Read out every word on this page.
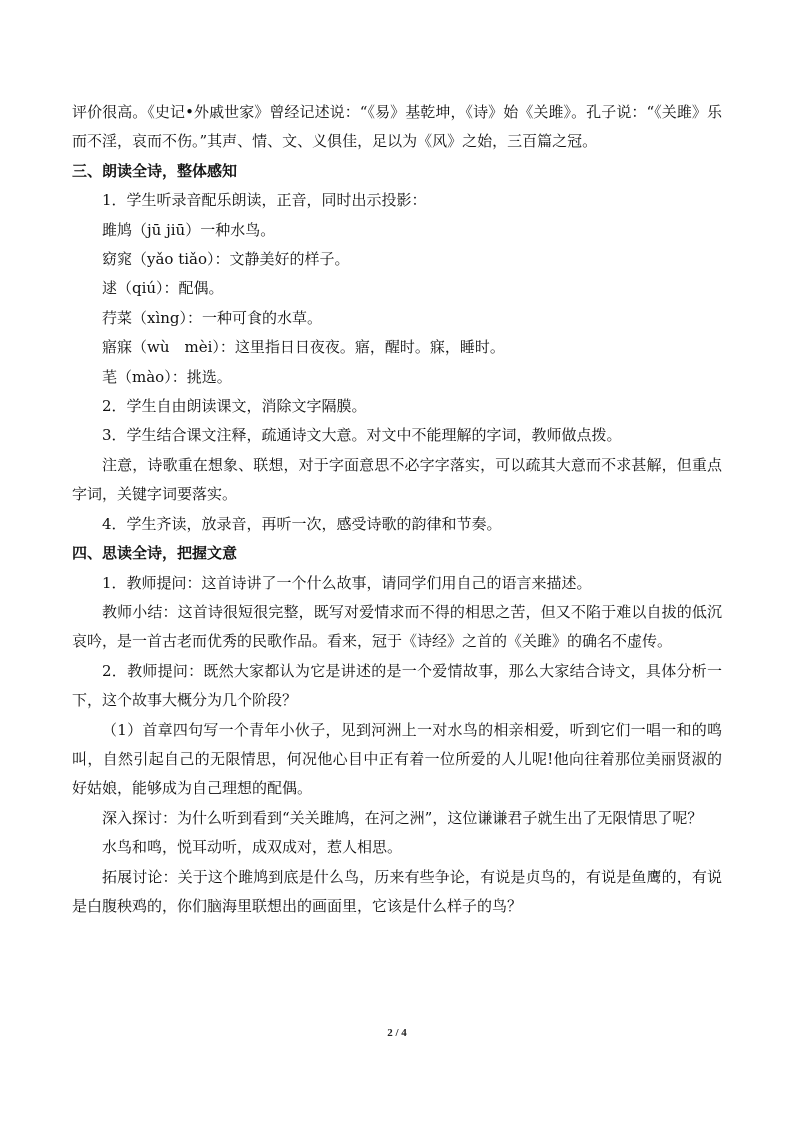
评价很高。《史记•外戚世家》曾经记述说：“《易》基乾坤，《诗》始《关雎》。孔子说：“《关雎》乐而不淫，哀而不伤。”其声、情、文、义俱佳，足以为《风》之始，三百篇之冠。

三、朗读全诗，整体感知

1．学生听录音配乐朗读，正音，同时出示投影：

雎鸠（jū jiū）一种水鸟。

窈窕（yǎo tiǎo）：文静美好的样子。

逑（qiú）：配偶。

荇菜（xìng）：一种可食的水草。

寤寐（wù　mèi）：这里指日日夜夜。寤，醒时。寐，睡时。

芼（mào）：挑选。

2．学生自由朗读课文，消除文字隔膜。

3．学生结合课文注释，疏通诗文大意。对文中不能理解的字词，教师做点拨。

注意，诗歌重在想象、联想，对于字面意思不必字字落实，可以疏其大意而不求甚解，但重点字词，关键字词要落实。

4．学生齐读，放录音，再听一次，感受诗歌的韵律和节奏。

四、思读全诗，把握文意

1．教师提问：这首诗讲了一个什么故事，请同学们用自己的语言来描述。

教师小结：这首诗很短很完整，既写对爱情求而不得的相思之苦，但又不陷于难以自拔的低沉哀吟，是一首古老而优秀的民歌作品。看来，冠于《诗经》之首的《关雎》的确名不虚传。

2．教师提问：既然大家都认为它是讲述的是一个爱情故事，那么大家结合诗文，具体分析一下，这个故事大概分为几个阶段？

（1）首章四句写一个青年小伙子，见到河洲上一对水鸟的相亲相爱，听到它们一唱一和的鸣叫，自然引起自己的无限情思，何况他心目中正有着一位所爱的人儿呢!他向往着那位美丽贤淑的好姑娘，能够成为自己理想的配偶。

深入探讨：为什么听到看到“关关雎鸠，在河之洲”，这位谦谦君子就生出了无限情思了呢？

水鸟和鸣，悦耳动听，成双成对，惹人相思。

拓展讨论：关于这个雎鸠到底是什么鸟，历来有些争论，有说是贞鸟的，有说是鱼鹰的，有说是白腹秧鸡的，你们脑海里联想出的画面里，它该是什么样子的鸟？

2 / 4
